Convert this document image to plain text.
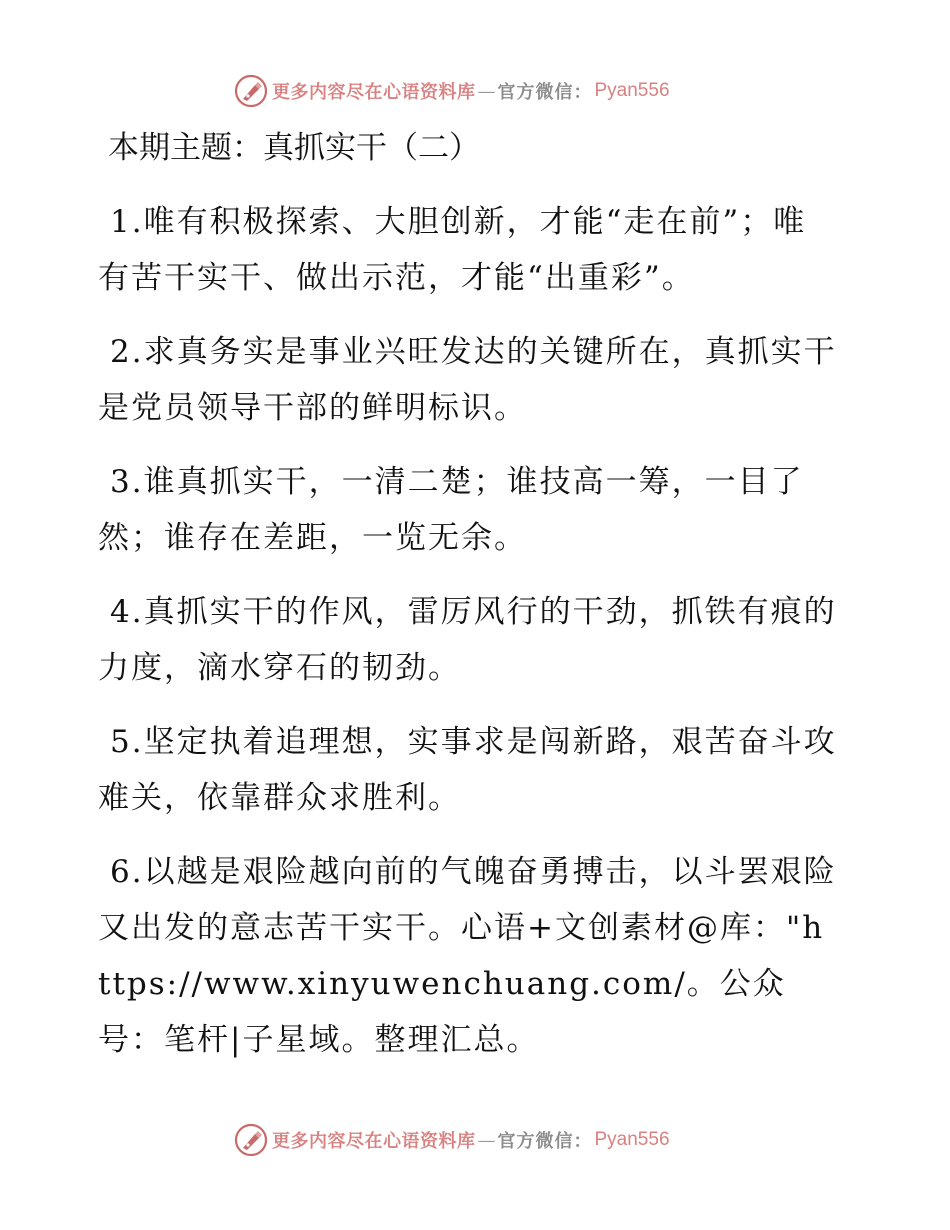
更多内容尽在心语资料库 — 官方微信： Pyan556
本期主题：真抓实干（二）

1.唯有积极探索、大胆创新，才能“走在前”；唯有苦干实干、做出示范，才能“出重彩”。

2.求真务实是事业兴旺发达的关键所在，真抓实干是党员领导干部的鲜明标识。

3.谁真抓实干，一清二楚；谁技高一筹，一目了然；谁存在差距，一览无余。

4.真抓实干的作风，雷厉风行的干劲，抓铁有痕的力度，滴水穿石的韧劲。

5.坚定执着追理想，实事求是闯新路，艰苦奋斗攻难关，依靠群众求胜利。

6.以越是艰险越向前的气魄奋勇搏击，以斗罢艰险又出发的意志苦干实干。心语+文创素材@库："https://www.xinyuwenchuang.com/。公众号：笔杆|子星域。整理汇总。

更多内容尽在心语资料库 — 官方微信： Pyan556
